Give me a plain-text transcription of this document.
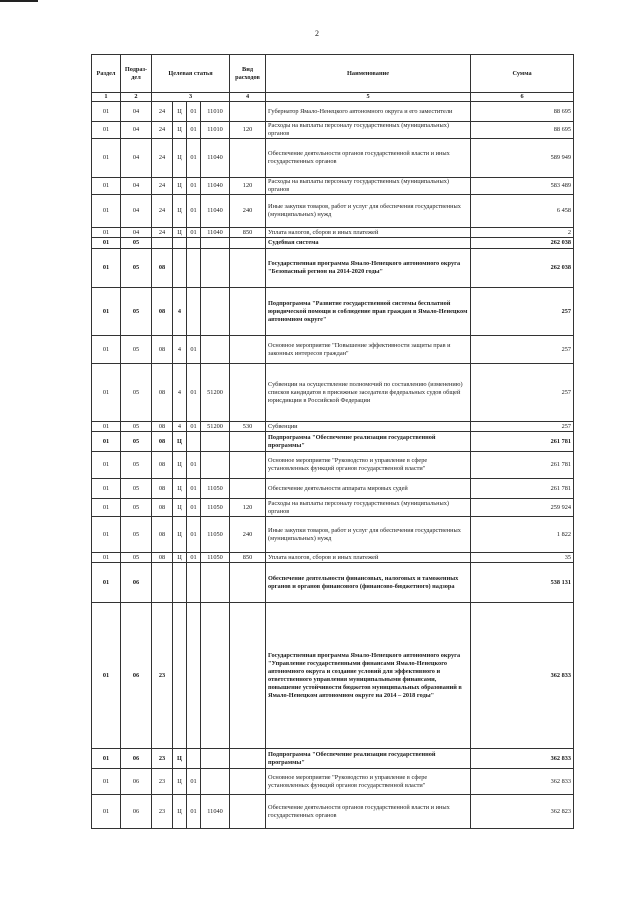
2
Раздел	Подраз-дел	Целевая статья				Вид расходов	Наименование	Сумма
1	2	3				4	5	6
01	04	24	Ц	01	11010		Губернатор Ямало-Ненецкого автономного округа и его заместители	88 695
01	04	24	Ц	01	11010	120	Расходы на выплаты персоналу государственных (муниципальных) органов	88 695
01	04	24	Ц	01	11040		Обеспечение деятельности органов государственной власти и иных государственных органов	589 949
01	04	24	Ц	01	11040	120	Расходы на выплаты персоналу государственных (муниципальных) органов	583 489
01	04	24	Ц	01	11040	240	Иные закупки товаров, работ и услуг для обеспечения государственных (муниципальных) нужд	6 458
01	04	24	Ц	01	11040	850	Уплата налогов, сборов и иных платежей	2
01	05						Судебная система	262 038
01	05	08					Государственная программа Ямало-Ненецкого автономного округа "Безопасный регион на 2014-2020 годы"	262 038
01	05	08	4				Подпрограмма "Развитие государственной системы бесплатной юридической помощи и соблюдение прав граждан в Ямало-Ненецком автономном округе"	257
01	05	08	4	01			Основное мероприятие "Повышение эффективности защиты прав и законных интересов граждан"	257
01	05	08	4	01	51200		Субвенции на осуществление полномочий по составлению (изменению) списков кандидатов в присяжные заседатели федеральных судов общей юрисдикции в Российской Федерации	257
01	05	08	4	01	51200	530	Субвенции	257
01	05	08	Ц				Подпрограмма "Обеспечение реализации государственной программы"	261 781
01	05	08	Ц	01			Основное мероприятие "Руководство и управление в сфере установленных функций органов государственной власти"	261 781
01	05	08	Ц	01	11050		Обеспечение деятельности аппарата мировых судей	261 781
01	05	08	Ц	01	11050	120	Расходы на выплаты персоналу государственных (муниципальных) органов	259 924
01	05	08	Ц	01	11050	240	Иные закупки товаров, работ и услуг для обеспечения государственных (муниципальных) нужд	1 822
01	05	08	Ц	01	11050	850	Уплата налогов, сборов и иных платежей	35
01	06						Обеспечение деятельности финансовых, налоговых и таможенных органов и органов финансового (финансово-бюджетного) надзора	538 131
01	06	23					Государственная программа Ямало-Ненецкого автономного округа "Управление государственными финансами Ямало-Ненецкого автономного округа и создание условий для эффективного и ответственного управления муниципальными финансами, повышение устойчивости бюджетов муниципальных образований в Ямало-Ненецком автономном округе на 2014 – 2018 годы"	362 833
01	06	23	Ц				Подпрограмма "Обеспечение реализации государственной программы"	362 833
01	06	23	Ц	01			Основное мероприятие "Руководство и управление в сфере установленных функций органов государственной власти"	362 833
01	06	23	Ц	01	11040		Обеспечение деятельности органов государственной власти и иных государственных органов	362 823
